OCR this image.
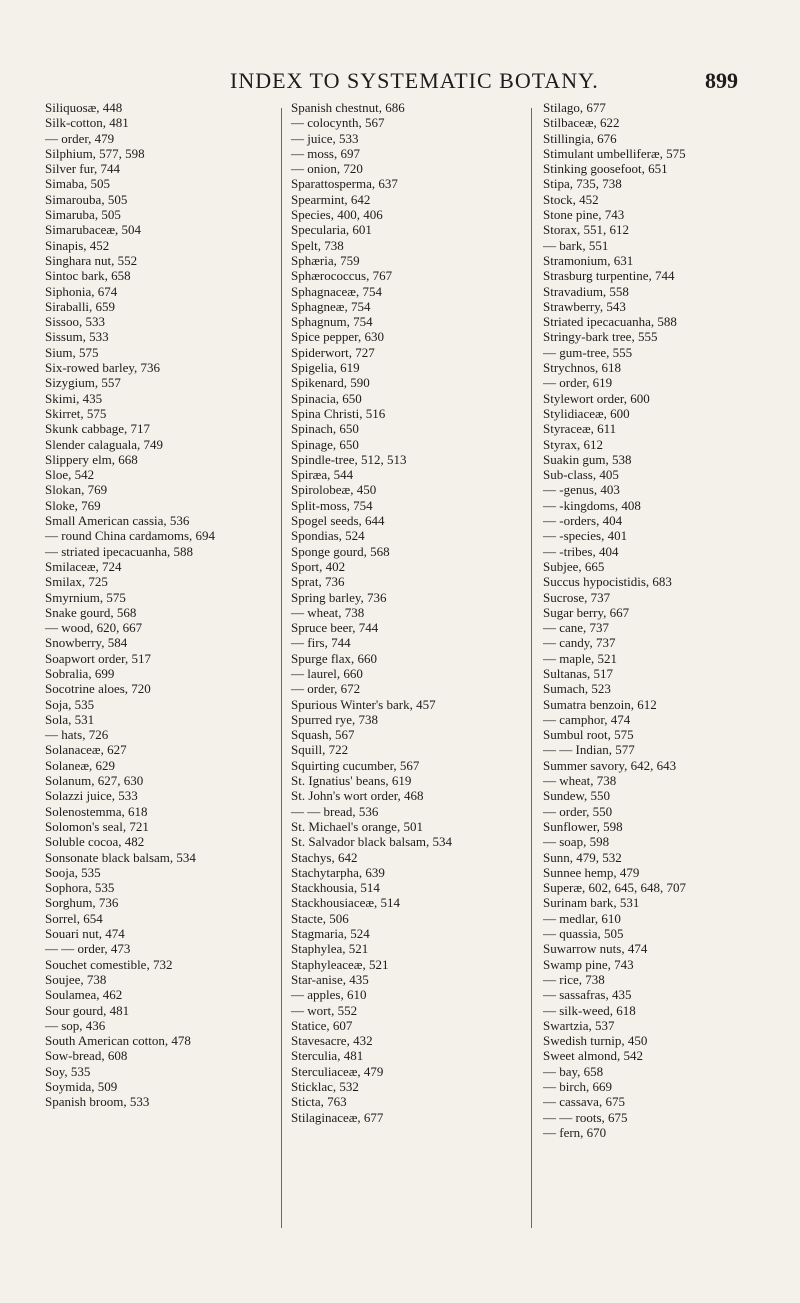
INDEX TO SYSTEMATIC BOTANY.	899
Siliquosæ, 448
Silk-cotton, 481
— order, 479
Silphium, 577, 598
Silver fur, 744
Simaba, 505
Simarouba, 505
Simaruba, 505
Simarubaceæ, 504
Sinapis, 452
Singhara nut, 552
Sintoc bark, 658
Siphonia, 674
Siraballi, 659
Sissoo, 533
Sissum, 533
Sium, 575
Six-rowed barley, 736
Sizygium, 557
Skimi, 435
Skirret, 575
Skunk cabbage, 717
Slender calaguala, 749
Slippery elm, 668
Sloe, 542
Slokan, 769
Sloke, 769
Small American cassia, 536
— round China cardamoms, 694
— striated ipecacuanha, 588
Smilaceæ, 724
Smilax, 725
Smyrnium, 575
Snake gourd, 568
— wood, 620, 667
Snowberry, 584
Soapwort order, 517
Sobralia, 699
Socotrine aloes, 720
Soja, 535
Sola, 531
— hats, 726
Solanaceæ, 627
Solaneæ, 629
Solanum, 627, 630
Solazzi juice, 533
Solenostemma, 618
Solomon's seal, 721
Soluble cocoa, 482
Sonsonate black balsam, 534
Sooja, 535
Sophora, 535
Sorghum, 736
Sorrel, 654
Souari nut, 474
— — order, 473
Souchet comestible, 732
Soujee, 738
Soulamea, 462
Sour gourd, 481
— sop, 436
South American cotton, 478
Sow-bread, 608
Soy, 535
Soymida, 509
Spanish broom, 533
Spanish chestnut, 686
— colocynth, 567
— juice, 533
— moss, 697
— onion, 720
Sparattosperma, 637
Spearmint, 642
Species, 400, 406
Specularia, 601
Spelt, 738
Sphæria, 759
Sphærococcus, 767
Sphagnaceæ, 754
Sphagneæ, 754
Sphagnum, 754
Spice pepper, 630
Spiderwort, 727
Spigelia, 619
Spikenard, 590
Spinacia, 650
Spina Christi, 516
Spinach, 650
Spinage, 650
Spindle-tree, 512, 513
Spiræa, 544
Spirolobeæ, 450
Split-moss, 754
Spogel seeds, 644
Spondias, 524
Sponge gourd, 568
Sport, 402
Sprat, 736
Spring barley, 736
— wheat, 738
Spruce beer, 744
— firs, 744
Spurge flax, 660
— laurel, 660
— order, 672
Spurious Winter's bark, 457
Spurred rye, 738
Squash, 567
Squill, 722
Squirting cucumber, 567
St. Ignatius' beans, 619
St. John's wort order, 468
— — bread, 536
St. Michael's orange, 501
St. Salvador black balsam, 534
Stachys, 642
Stachytarpha, 639
Stackhousia, 514
Stackhousiaceæ, 514
Stacte, 506
Stagmaria, 524
Staphylea, 521
Staphyleaceæ, 521
Star-anise, 435
— apples, 610
— wort, 552
Statice, 607
Stavesacre, 432
Sterculia, 481
Sterculiaceæ, 479
Sticklac, 532
Sticta, 763
Stilaginaceæ, 677
Stilago, 677
Stilbaceæ, 622
Stillingia, 676
Stimulant umbelliferæ, 575
Stinking goosefoot, 651
Stipa, 735, 738
Stock, 452
Stone pine, 743
Storax, 551, 612
— bark, 551
Stramonium, 631
Strasburg turpentine, 744
Stravadium, 558
Strawberry, 543
Striated ipecacuanha, 588
Stringy-bark tree, 555
— gum-tree, 555
Strychnos, 618
— order, 619
Stylewort order, 600
Stylidiaceæ, 600
Styraceæ, 611
Styrax, 612
Suakin gum, 538
Sub-class, 405
— -genus, 403
— -kingdoms, 408
— -orders, 404
— -species, 401
— -tribes, 404
Subjee, 665
Succus hypocistidis, 683
Sucrose, 737
Sugar berry, 667
— cane, 737
— candy, 737
— maple, 521
Sultanas, 517
Sumach, 523
Sumatra benzoin, 612
— camphor, 474
Sumbul root, 575
— — Indian, 577
Summer savory, 642, 643
— wheat, 738
Sundew, 550
— order, 550
Sunflower, 598
— soap, 598
Sunn, 479, 532
Sunnee hemp, 479
Superæ, 602, 645, 648, 707
Surinam bark, 531
— medlar, 610
— quassia, 505
Suwarrow nuts, 474
Swamp pine, 743
— rice, 738
— sassafras, 435
— silk-weed, 618
Swartzia, 537
Swedish turnip, 450
Sweet almond, 542
— bay, 658
— birch, 669
— cassava, 675
— — roots, 675
— fern, 670
